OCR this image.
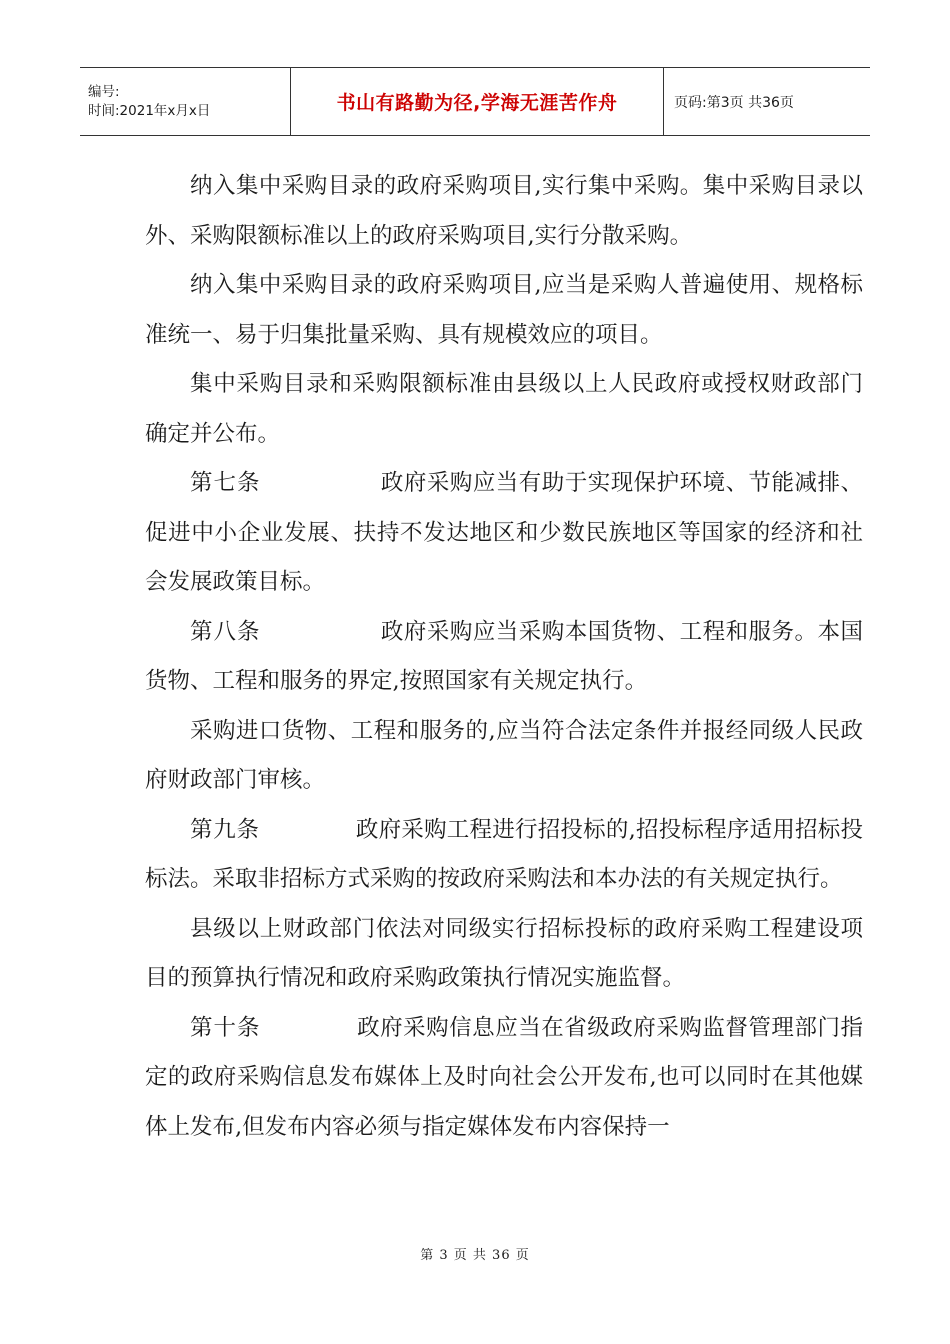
编号:
时间:2021年x月x日	书山有路勤为径,学海无涯苦作舟	页码:第3页 共36页

纳入集中采购目录的政府采购项目,实行集中采购。集中采购目录以外、采购限额标准以上的政府采购项目,实行分散采购。

纳入集中采购目录的政府采购项目,应当是采购人普遍使用、规格标准统一、易于归集批量采购、具有规模效应的项目。

集中采购目录和采购限额标准由县级以上人民政府或授权财政部门确定并公布。

第七条	政府采购应当有助于实现保护环境、节能减排、促进中小企业发展、扶持不发达地区和少数民族地区等国家的经济和社会发展政策目标。

第八条	政府采购应当采购本国货物、工程和服务。本国货物、工程和服务的界定,按照国家有关规定执行。

采购进口货物、工程和服务的,应当符合法定条件并报经同级人民政府财政部门审核。

第九条	政府采购工程进行招投标的,招投标程序适用招标投标法。采取非招标方式采购的按政府采购法和本办法的有关规定执行。

县级以上财政部门依法对同级实行招标投标的政府采购工程建设项目的预算执行情况和政府采购政策执行情况实施监督。

第十条	政府采购信息应当在省级政府采购监督管理部门指定的政府采购信息发布媒体上及时向社会公开发布,也可以同时在其他媒体上发布,但发布内容必须与指定媒体发布内容保持一

第 3 页 共 36 页
